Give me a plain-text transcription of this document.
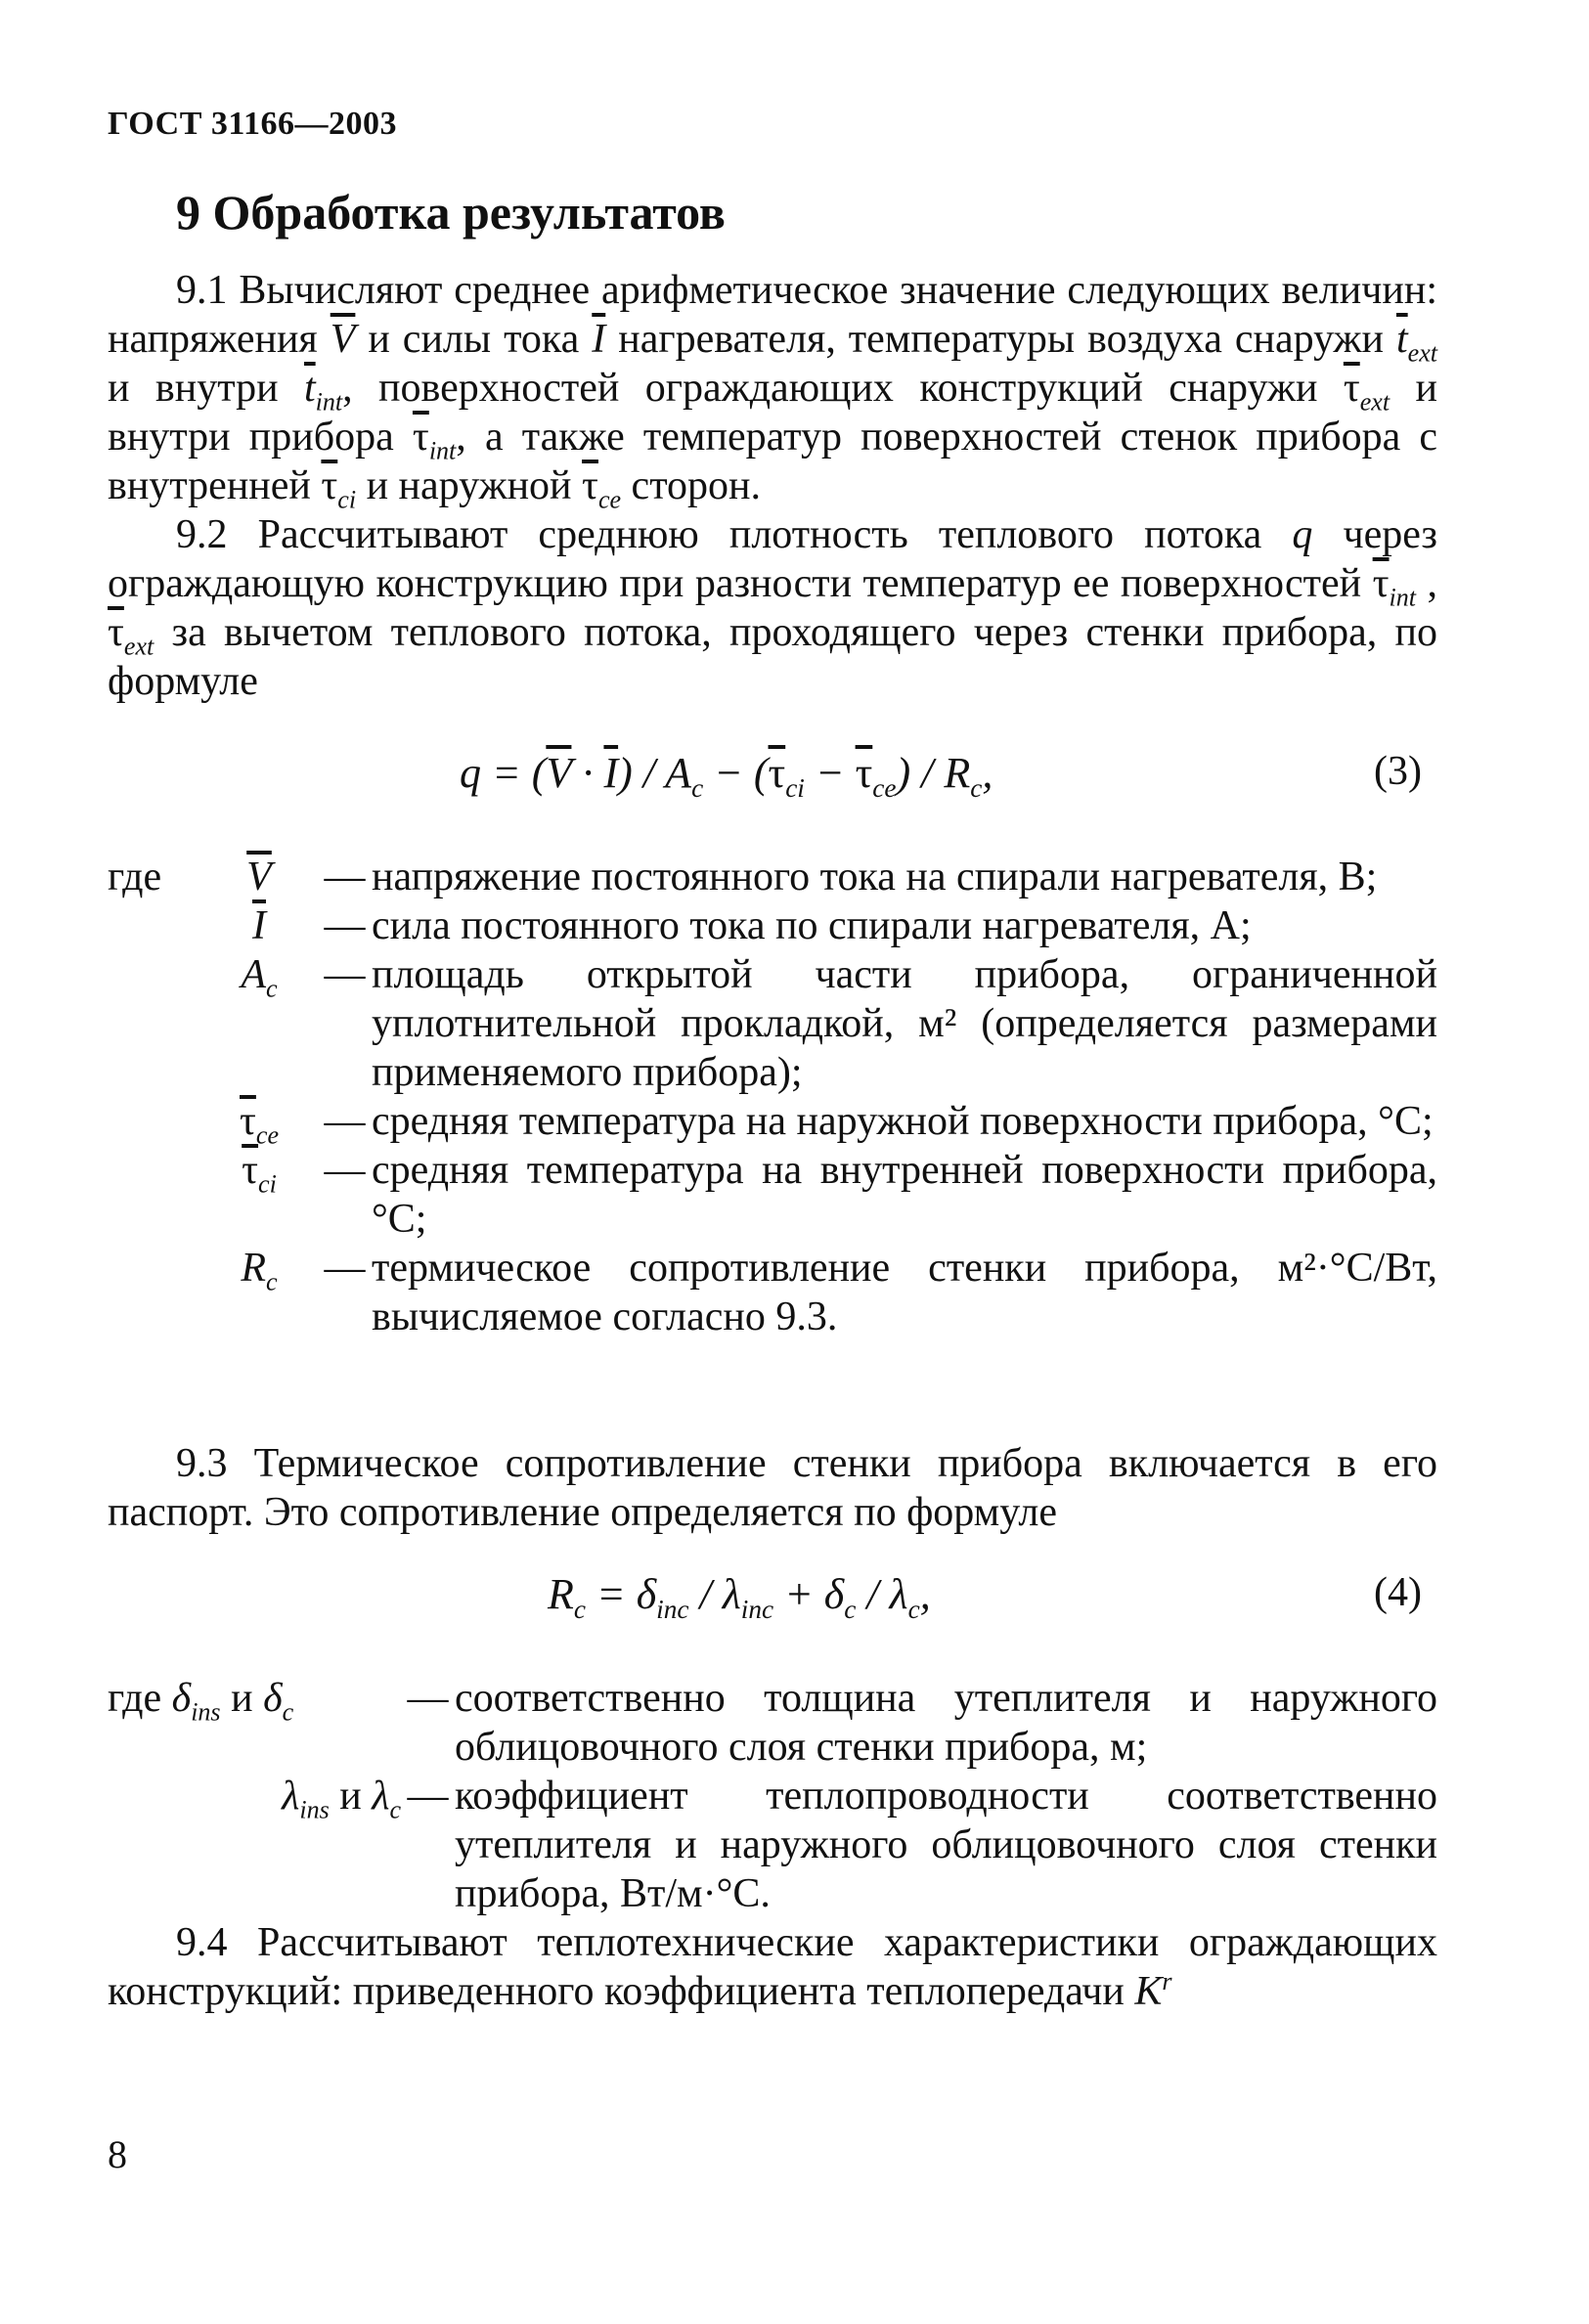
ГОСТ 31166—2003
9 Обработка результатов
9.1 Вычисляют среднее арифметическое значение следующих величин: напряжения $\overline{V}$ и силы тока $\overline{I}$ нагревателя, температуры воздуха снаружи $\overline{t}_{ext}$ и внутри $\overline{t}_{int}$, поверхностей ограждающих конструкций снаружи $\overline{\tau}_{ext}$ и внутри прибора $\overline{\tau}_{int}$, а также температур поверхностей стенок прибора с внутренней $\overline{\tau}_{ci}$ и наружной $\overline{\tau}_{ce}$ сторон.
9.2 Рассчитывают среднюю плотность теплового потока q через ограждающую конструкцию при разности температур ее поверхностей $\overline{\tau}_{int}$ , $\overline{\tau}_{ext}$ за вычетом теплового потока, проходящего через стенки прибора, по формуле
$q = (\overline{V} \cdot \overline{I}) / A_c - (\overline{\tau}_{ci} - \overline{\tau}_{ce}) / R_c$,	(3)
где	$\overline{V}$	— напряжение постоянного тока на спирали нагревателя, В;
$\overline{I}$	— сила постоянного тока по спирали нагревателя, А;
$A_c$	— площадь открытой части прибора, ограниченной уплотнительной прокладкой, м² (определяется размерами применяемого прибора);
$\overline{\tau}_{ce}$	— средняя температура на наружной поверхности прибора, °С;
$\overline{\tau}_{ci}$	— средняя температура на внутренней поверхности прибора, °С;
$R_c$	— термическое сопротивление стенки прибора, м²·°С/Вт, вычисляемое согласно 9.3.
9.3 Термическое сопротивление стенки прибора включается в его паспорт. Это сопротивление определяется по формуле
$R_c = \delta_{inc} / \lambda_{inc} + \delta_c / \lambda_c$,	(4)
где $\delta_{ins}$ и $\delta_c$	— соответственно толщина утеплителя и наружного облицовочного слоя стенки прибора, м;
$\lambda_{ins}$ и $\lambda_c$ — коэффициент теплопроводности соответственно утеплителя и наружного облицовочного слоя стенки прибора, Вт/м·°С.
9.4 Рассчитывают теплотехнические характеристики ограждающих конструкций: приведенного коэффициента теплопередачи $K^r$
8
